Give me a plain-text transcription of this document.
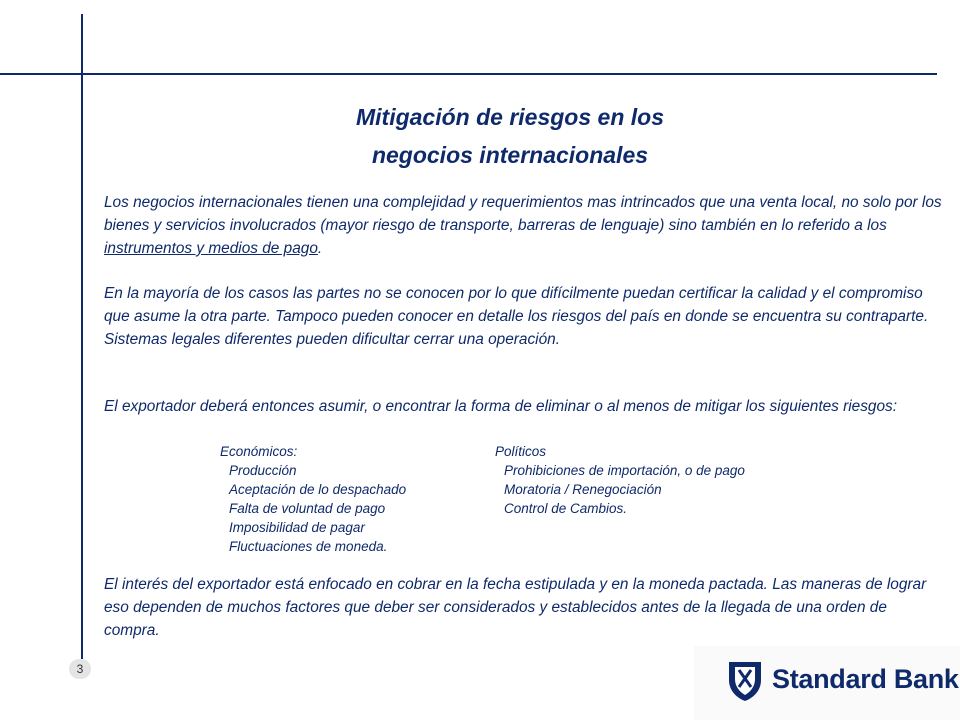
Mitigación de riesgos en los
negocios internacionales

Los negocios internacionales tienen una complejidad y requerimientos mas intrincados que una venta local, no solo por los bienes y servicios involucrados (mayor riesgo de transporte, barreras de lenguaje) sino también en lo referido a los instrumentos y medios de pago.

En la mayoría de los casos las partes no se conocen por lo que difícilmente puedan certificar la calidad y el compromiso que asume la otra parte. Tampoco pueden conocer en detalle los riesgos del país en donde se encuentra su contraparte. Sistemas legales diferentes pueden dificultar cerrar una operación.

El exportador deberá entonces asumir, o encontrar la forma de eliminar o al menos de mitigar los siguientes riesgos:

Económicos:
Producción
Aceptación de lo despachado
Falta de voluntad de pago
Imposibilidad de pagar
Fluctuaciones de moneda.
Políticos
Prohibiciones de importación, o de pago
Moratoria / Renegociación
Control de Cambios.

El interés del exportador está enfocado en cobrar en la fecha estipulada y en la moneda pactada. Las maneras de lograr eso dependen de muchos factores que deber ser considerados y establecidos antes de la llegada de una orden de compra.

3	Standard Bank
